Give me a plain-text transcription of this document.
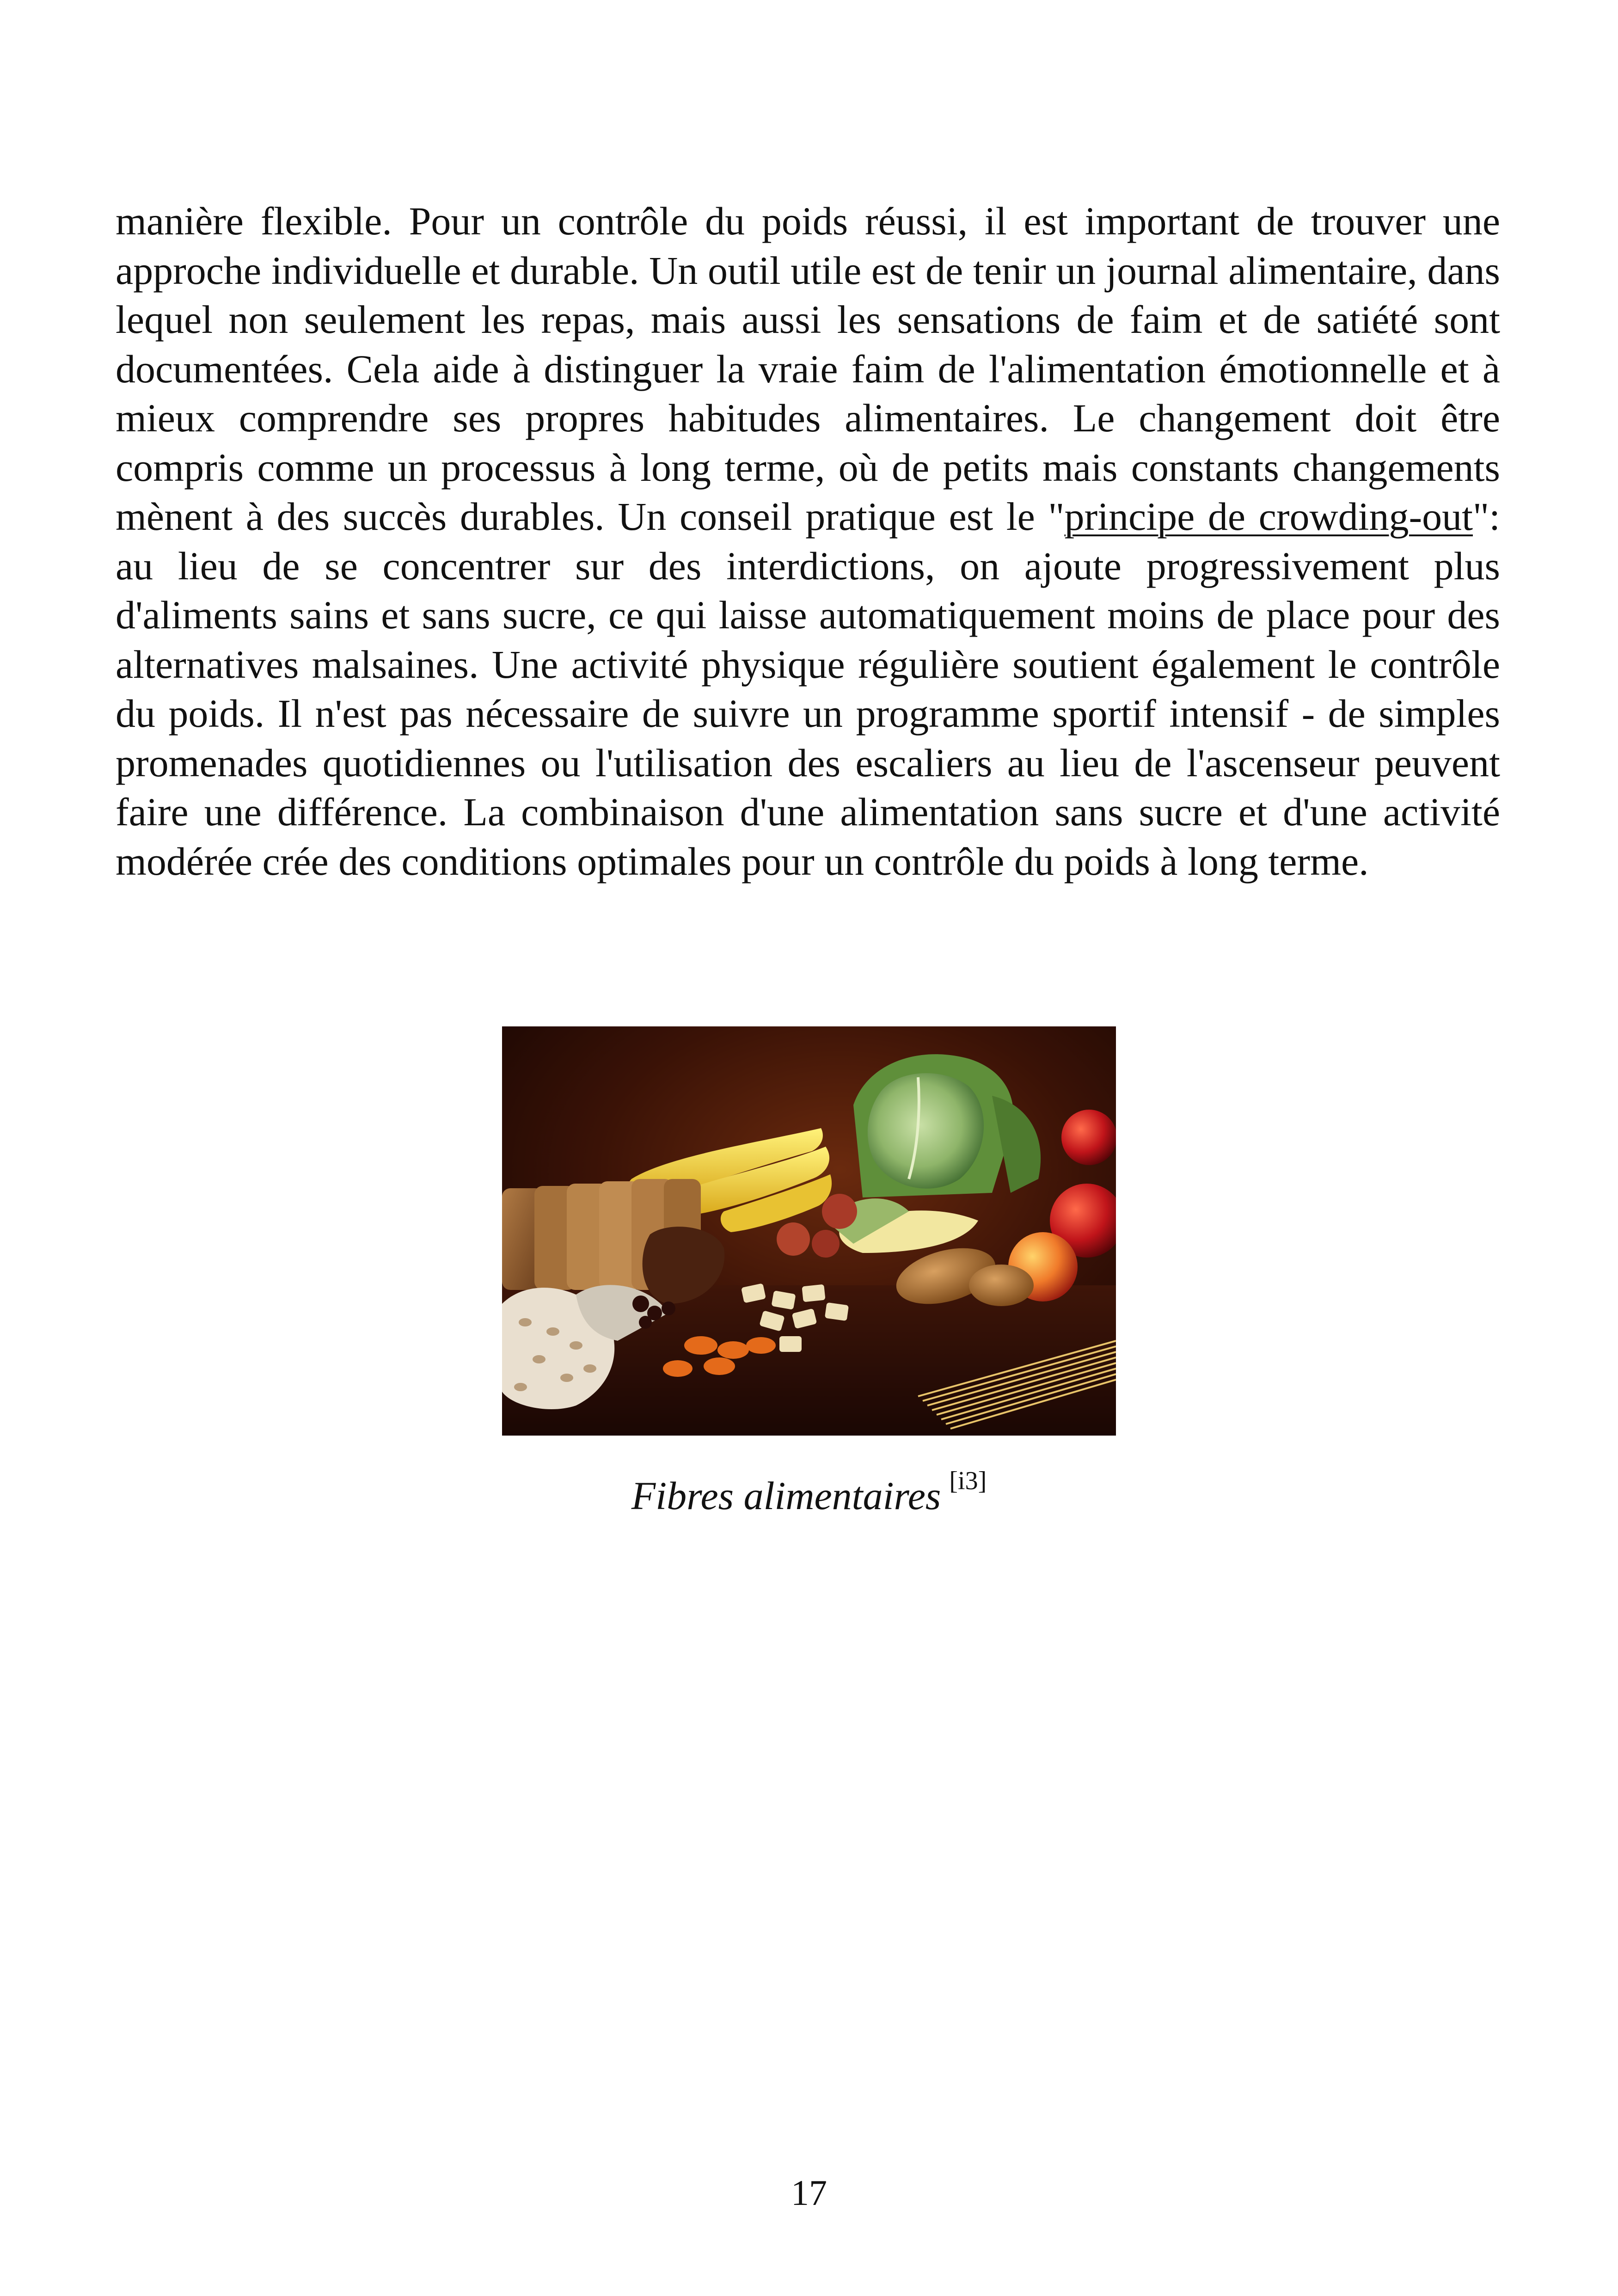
manière flexible. Pour un contrôle du poids réussi, il est important de trouver une approche individuelle et durable. Un outil utile est de tenir un journal alimentaire, dans lequel non seulement les repas, mais aussi les sensations de faim et de satiété sont documentées. Cela aide à distinguer la vraie faim de l'alimentation émotionnelle et à mieux comprendre ses propres habitudes alimentaires. Le changement doit être compris comme un processus à long terme, où de petits mais constants changements mènent à des succès durables. Un conseil pratique est le "principe de crowding-out": au lieu de se concentrer sur des interdictions, on ajoute progressivement plus d'aliments sains et sans sucre, ce qui laisse automatiquement moins de place pour des alternatives malsaines. Une activité physique régulière soutient également le contrôle du poids. Il n'est pas nécessaire de suivre un programme sportif intensif - de simples promenades quotidiennes ou l'utilisation des escaliers au lieu de l'ascenseur peuvent faire une différence. La combinaison d'une alimentation sans sucre et d'une activité modérée crée des conditions optimales pour un contrôle du poids à long terme.

Fibres alimentaires [i3]

17
